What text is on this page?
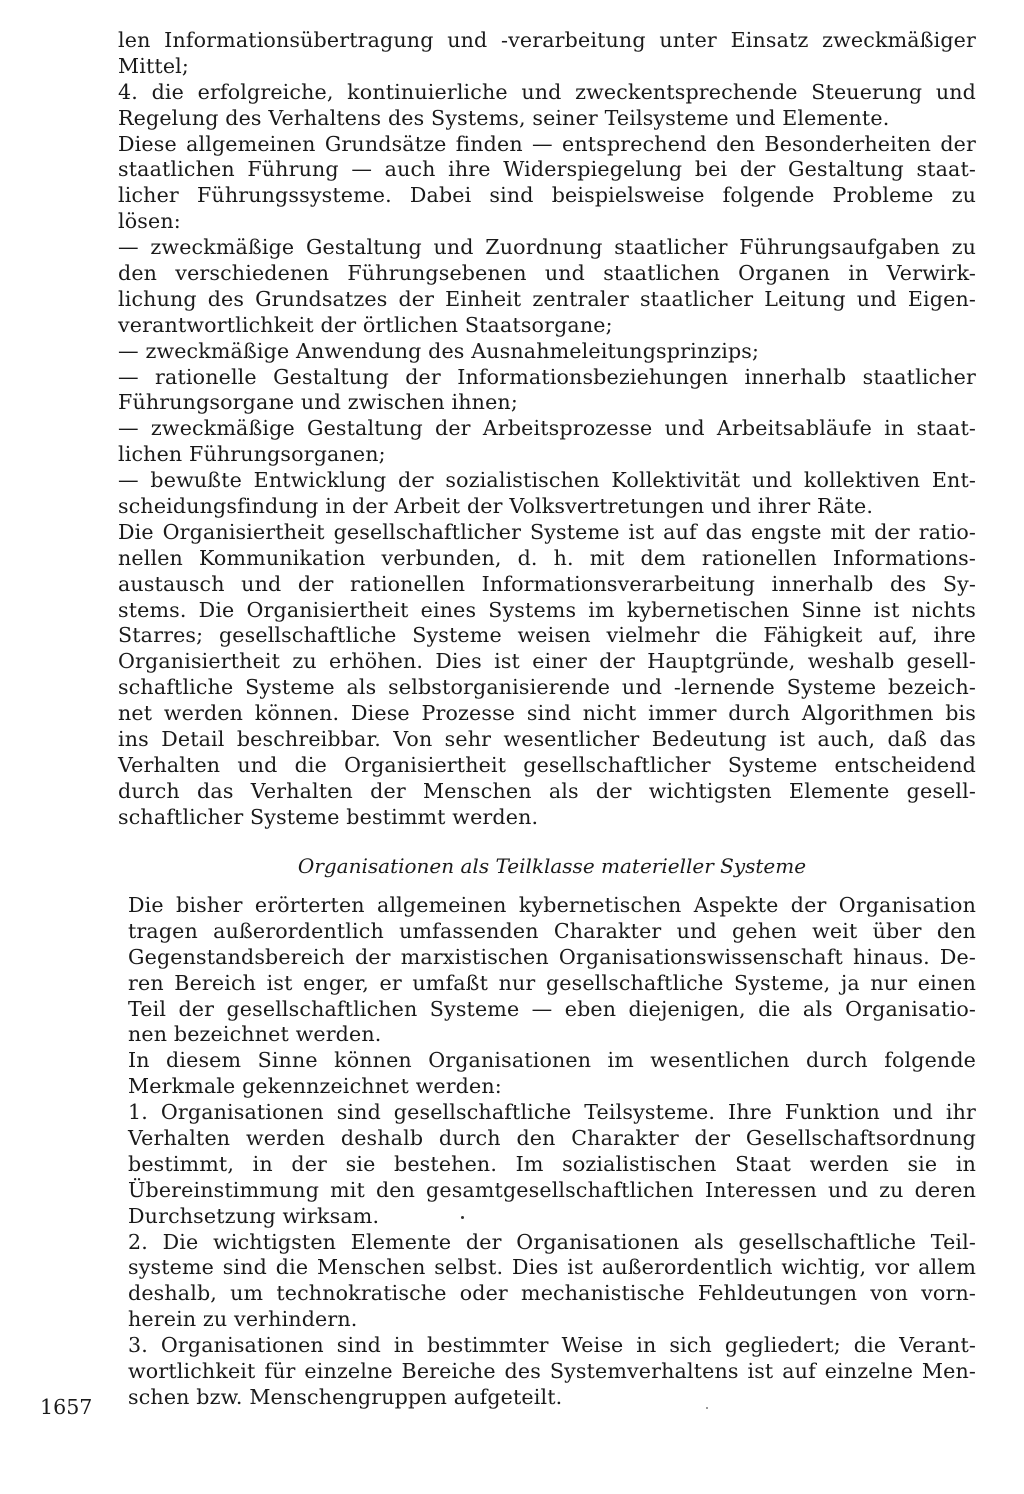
len Informationsübertragung und -verarbeitung unter Einsatz zweckmäßiger
Mittel;
4. die erfolgreiche, kontinuierliche und zweckentsprechende Steuerung und
Regelung des Verhaltens des Systems, seiner Teilsysteme und Elemente.
Diese allgemeinen Grundsätze finden — entsprechend den Besonderheiten der
staatlichen Führung — auch ihre Widerspiegelung bei der Gestaltung staat-
licher Führungssysteme. Dabei sind beispielsweise folgende Probleme zu
lösen:
— zweckmäßige Gestaltung und Zuordnung staatlicher Führungsaufgaben zu
den verschiedenen Führungsebenen und staatlichen Organen in Verwirk-
lichung des Grundsatzes der Einheit zentraler staatlicher Leitung und Eigen-
verantwortlichkeit der örtlichen Staatsorgane;
— zweckmäßige Anwendung des Ausnahmeleitungsprinzips;
— rationelle Gestaltung der Informationsbeziehungen innerhalb staatlicher
Führungsorgane und zwischen ihnen;
— zweckmäßige Gestaltung der Arbeitsprozesse und Arbeitsabläufe in staat-
lichen Führungsorganen;
— bewußte Entwicklung der sozialistischen Kollektivität und kollektiven Ent-
scheidungsfindung in der Arbeit der Volksvertretungen und ihrer Räte.
Die Organisiertheit gesellschaftlicher Systeme ist auf das engste mit der ratio-
nellen Kommunikation verbunden, d. h. mit dem rationellen Informations-
austausch und der rationellen Informationsverarbeitung innerhalb des Sy-
stems. Die Organisiertheit eines Systems im kybernetischen Sinne ist nichts
Starres; gesellschaftliche Systeme weisen vielmehr die Fähigkeit auf, ihre
Organisiertheit zu erhöhen. Dies ist einer der Hauptgründe, weshalb gesell-
schaftliche Systeme als selbstorganisierende und -lernende Systeme bezeich-
net werden können. Diese Prozesse sind nicht immer durch Algorithmen bis
ins Detail beschreibbar. Von sehr wesentlicher Bedeutung ist auch, daß das
Verhalten und die Organisiertheit gesellschaftlicher Systeme entscheidend
durch das Verhalten der Menschen als der wichtigsten Elemente gesell-
schaftlicher Systeme bestimmt werden.
Organisationen als Teilklasse materieller Systeme
Die bisher erörterten allgemeinen kybernetischen Aspekte der Organisation
tragen außerordentlich umfassenden Charakter und gehen weit über den
Gegenstandsbereich der marxistischen Organisationswissenschaft hinaus. De-
ren Bereich ist enger, er umfaßt nur gesellschaftliche Systeme, ja nur einen
Teil der gesellschaftlichen Systeme — eben diejenigen, die als Organisatio-
nen bezeichnet werden.
In diesem Sinne können Organisationen im wesentlichen durch folgende
Merkmale gekennzeichnet werden:
1. Organisationen sind gesellschaftliche Teilsysteme. Ihre Funktion und ihr
Verhalten werden deshalb durch den Charakter der Gesellschaftsordnung
bestimmt, in der sie bestehen. Im sozialistischen Staat werden sie in
Übereinstimmung mit den gesamtgesellschaftlichen Interessen und zu deren
Durchsetzung wirksam.
2. Die wichtigsten Elemente der Organisationen als gesellschaftliche Teil-
systeme sind die Menschen selbst. Dies ist außerordentlich wichtig, vor allem
deshalb, um technokratische oder mechanistische Fehldeutungen von vorn-
herein zu verhindern.
3. Organisationen sind in bestimmter Weise in sich gegliedert; die Verant-
wortlichkeit für einzelne Bereiche des Systemverhaltens ist auf einzelne Men-
schen bzw. Menschengruppen aufgeteilt.
1657
